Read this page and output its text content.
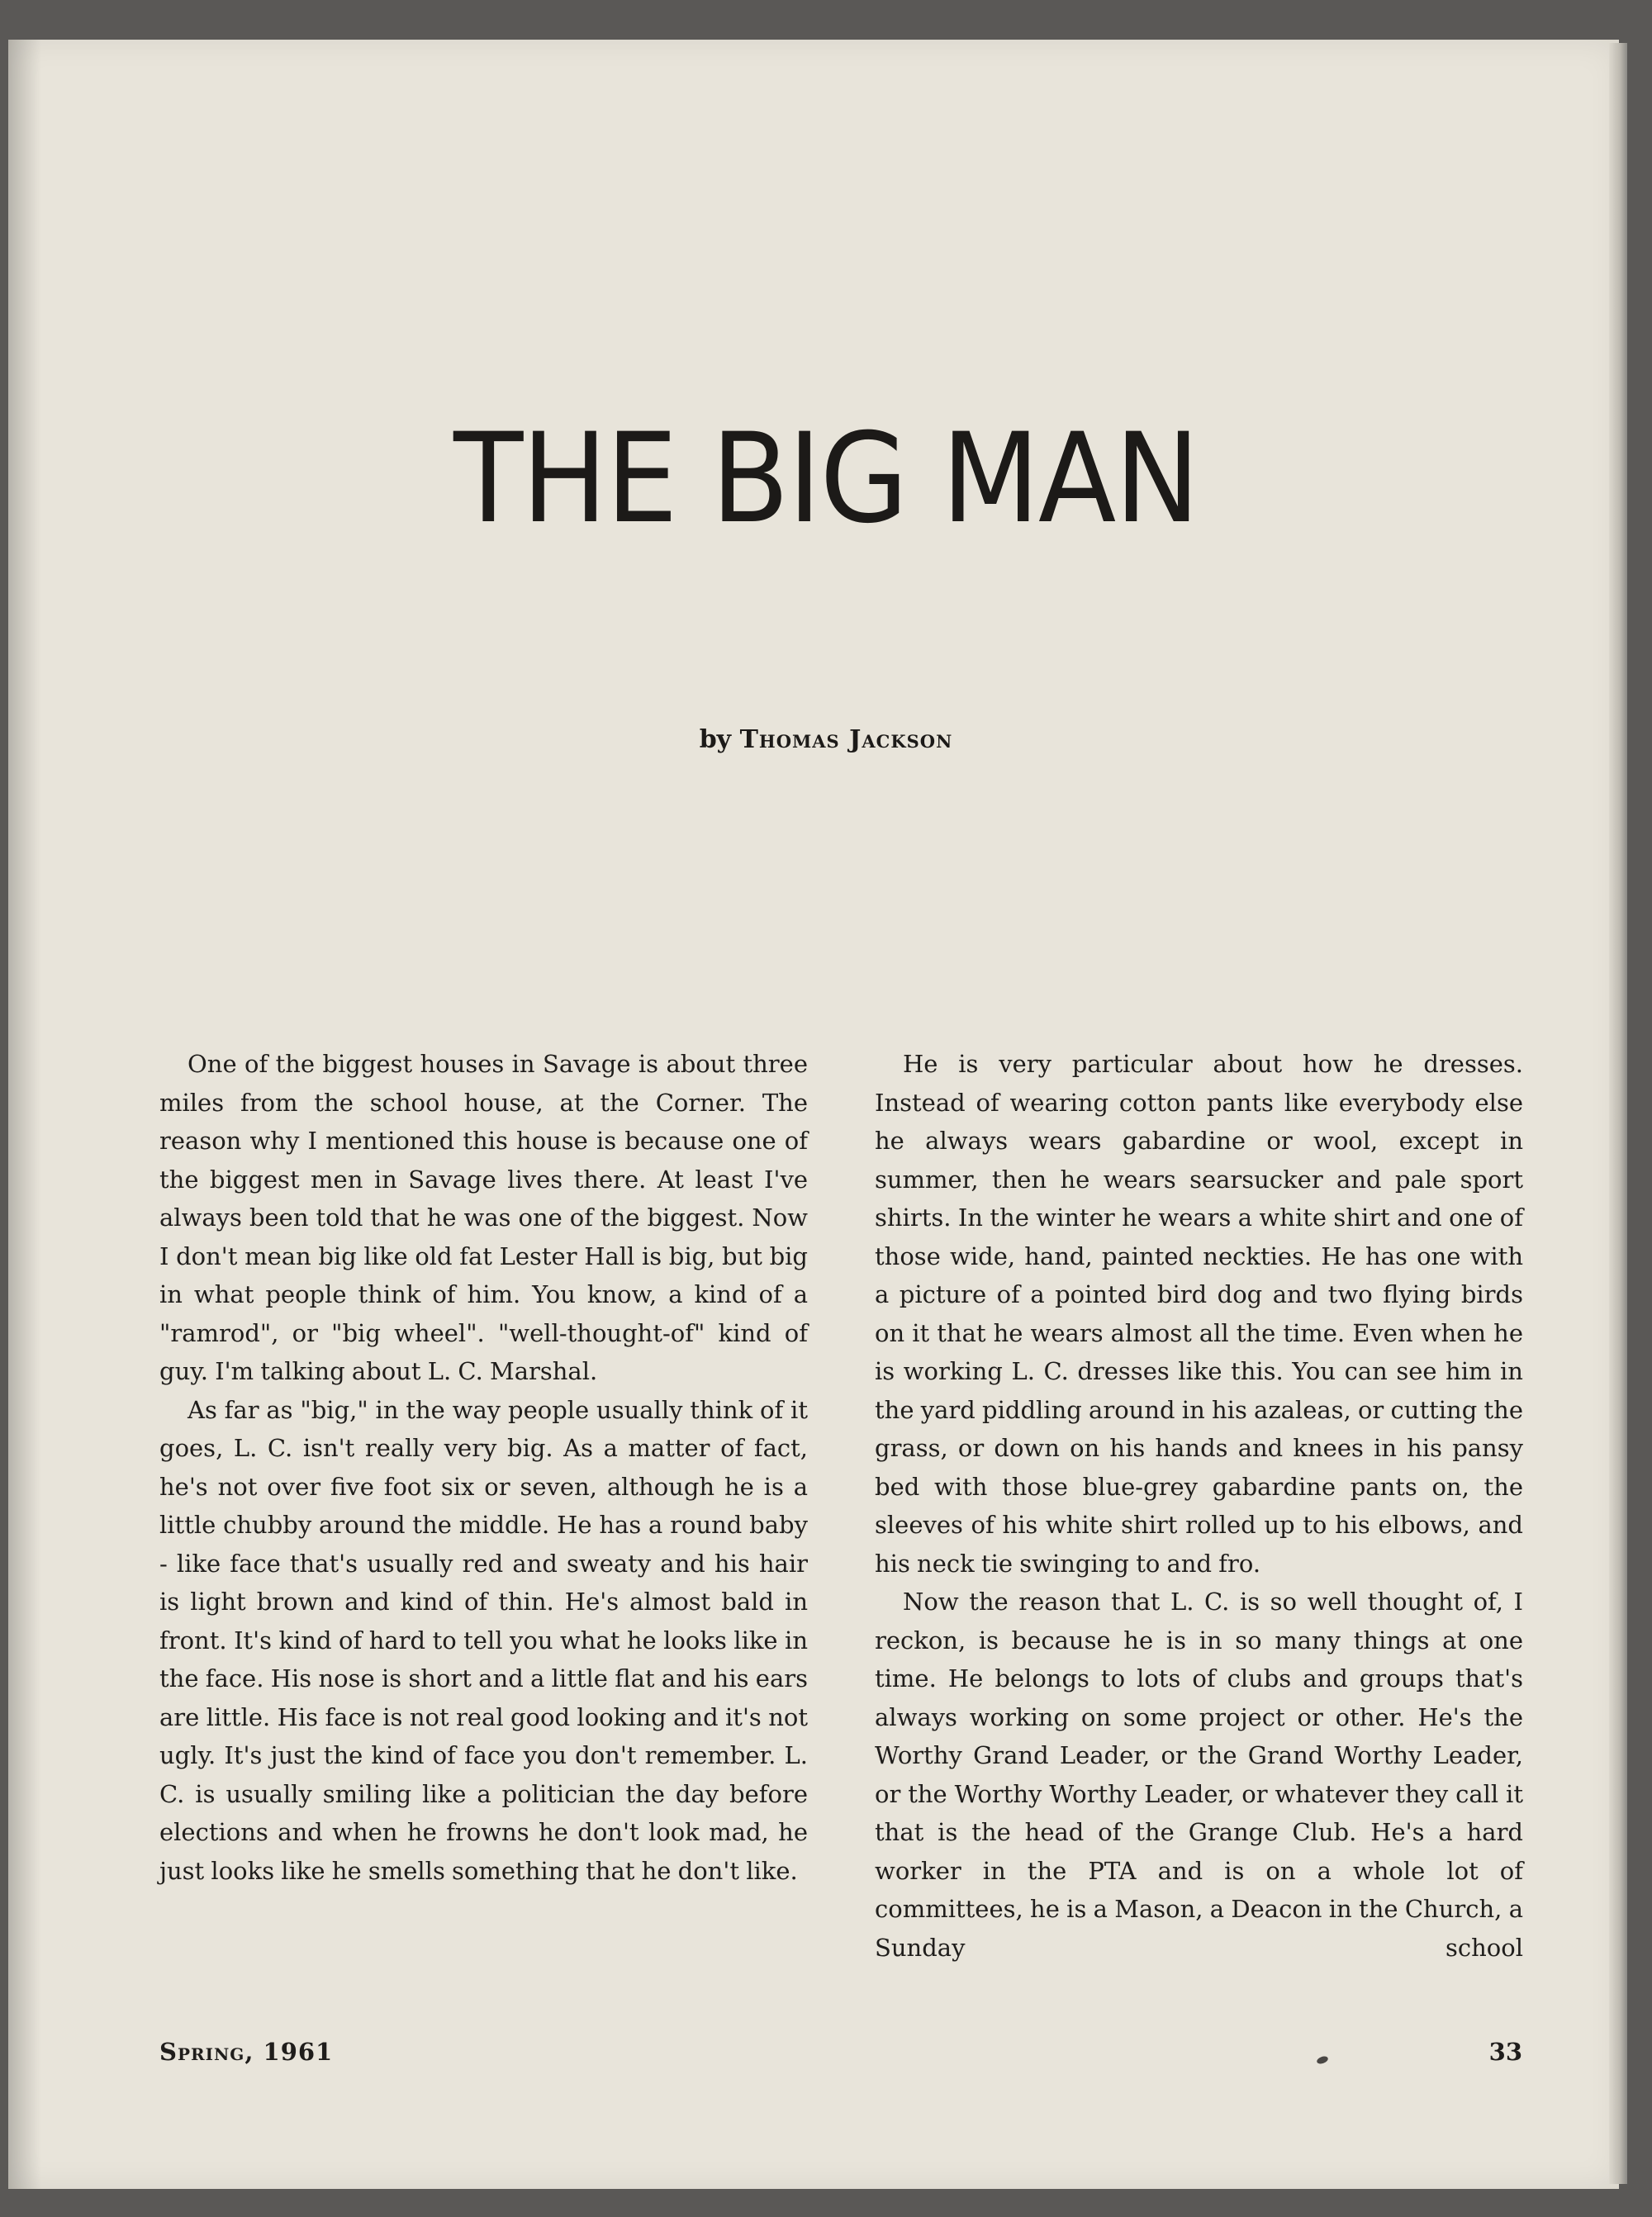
THE BIG MAN
by Thomas Jackson

One of the biggest houses in Savage is about three miles from the school house, at the Corner. The reason why I mentioned this house is because one of the biggest men in Savage lives there. At least I've always been told that he was one of the biggest. Now I don't mean big like old fat Lester Hall is big, but big in what people think of him. You know, a kind of a "ramrod", or "big wheel". "well-thought-of" kind of guy. I'm talking about L. C. Marshal.

As far as "big," in the way people usually think of it goes, L. C. isn't really very big. As a matter of fact, he's not over five foot six or seven, although he is a little chubby around the middle. He has a round baby - like face that's usually red and sweaty and his hair is light brown and kind of thin. He's almost bald in front. It's kind of hard to tell you what he looks like in the face. His nose is short and a little flat and his ears are little. His face is not real good looking and it's not ugly. It's just the kind of face you don't remember. L. C. is usually smiling like a politician the day before elections and when he frowns he don't look mad, he just looks like he smells something that he don't like.

He is very particular about how he dresses. Instead of wearing cotton pants like everybody else he always wears gabardine or wool, except in summer, then he wears searsucker and pale sport shirts. In the winter he wears a white shirt and one of those wide, hand, painted neckties. He has one with a picture of a pointed bird dog and two flying birds on it that he wears almost all the time. Even when he is working L. C. dresses like this. You can see him in the yard piddling around in his azaleas, or cutting the grass, or down on his hands and knees in his pansy bed with those blue-grey gabardine pants on, the sleeves of his white shirt rolled up to his elbows, and his neck tie swinging to and fro.

Now the reason that L. C. is so well thought of, I reckon, is because he is in so many things at one time. He belongs to lots of clubs and groups that's always working on some project or other. He's the Worthy Grand Leader, or the Grand Worthy Leader, or the Worthy Worthy Leader, or whatever they call it that is the head of the Grange Club. He's a hard worker in the PTA and is on a whole lot of committees, he is a Mason, a Deacon in the Church, a Sunday school

Spring, 1961	33
